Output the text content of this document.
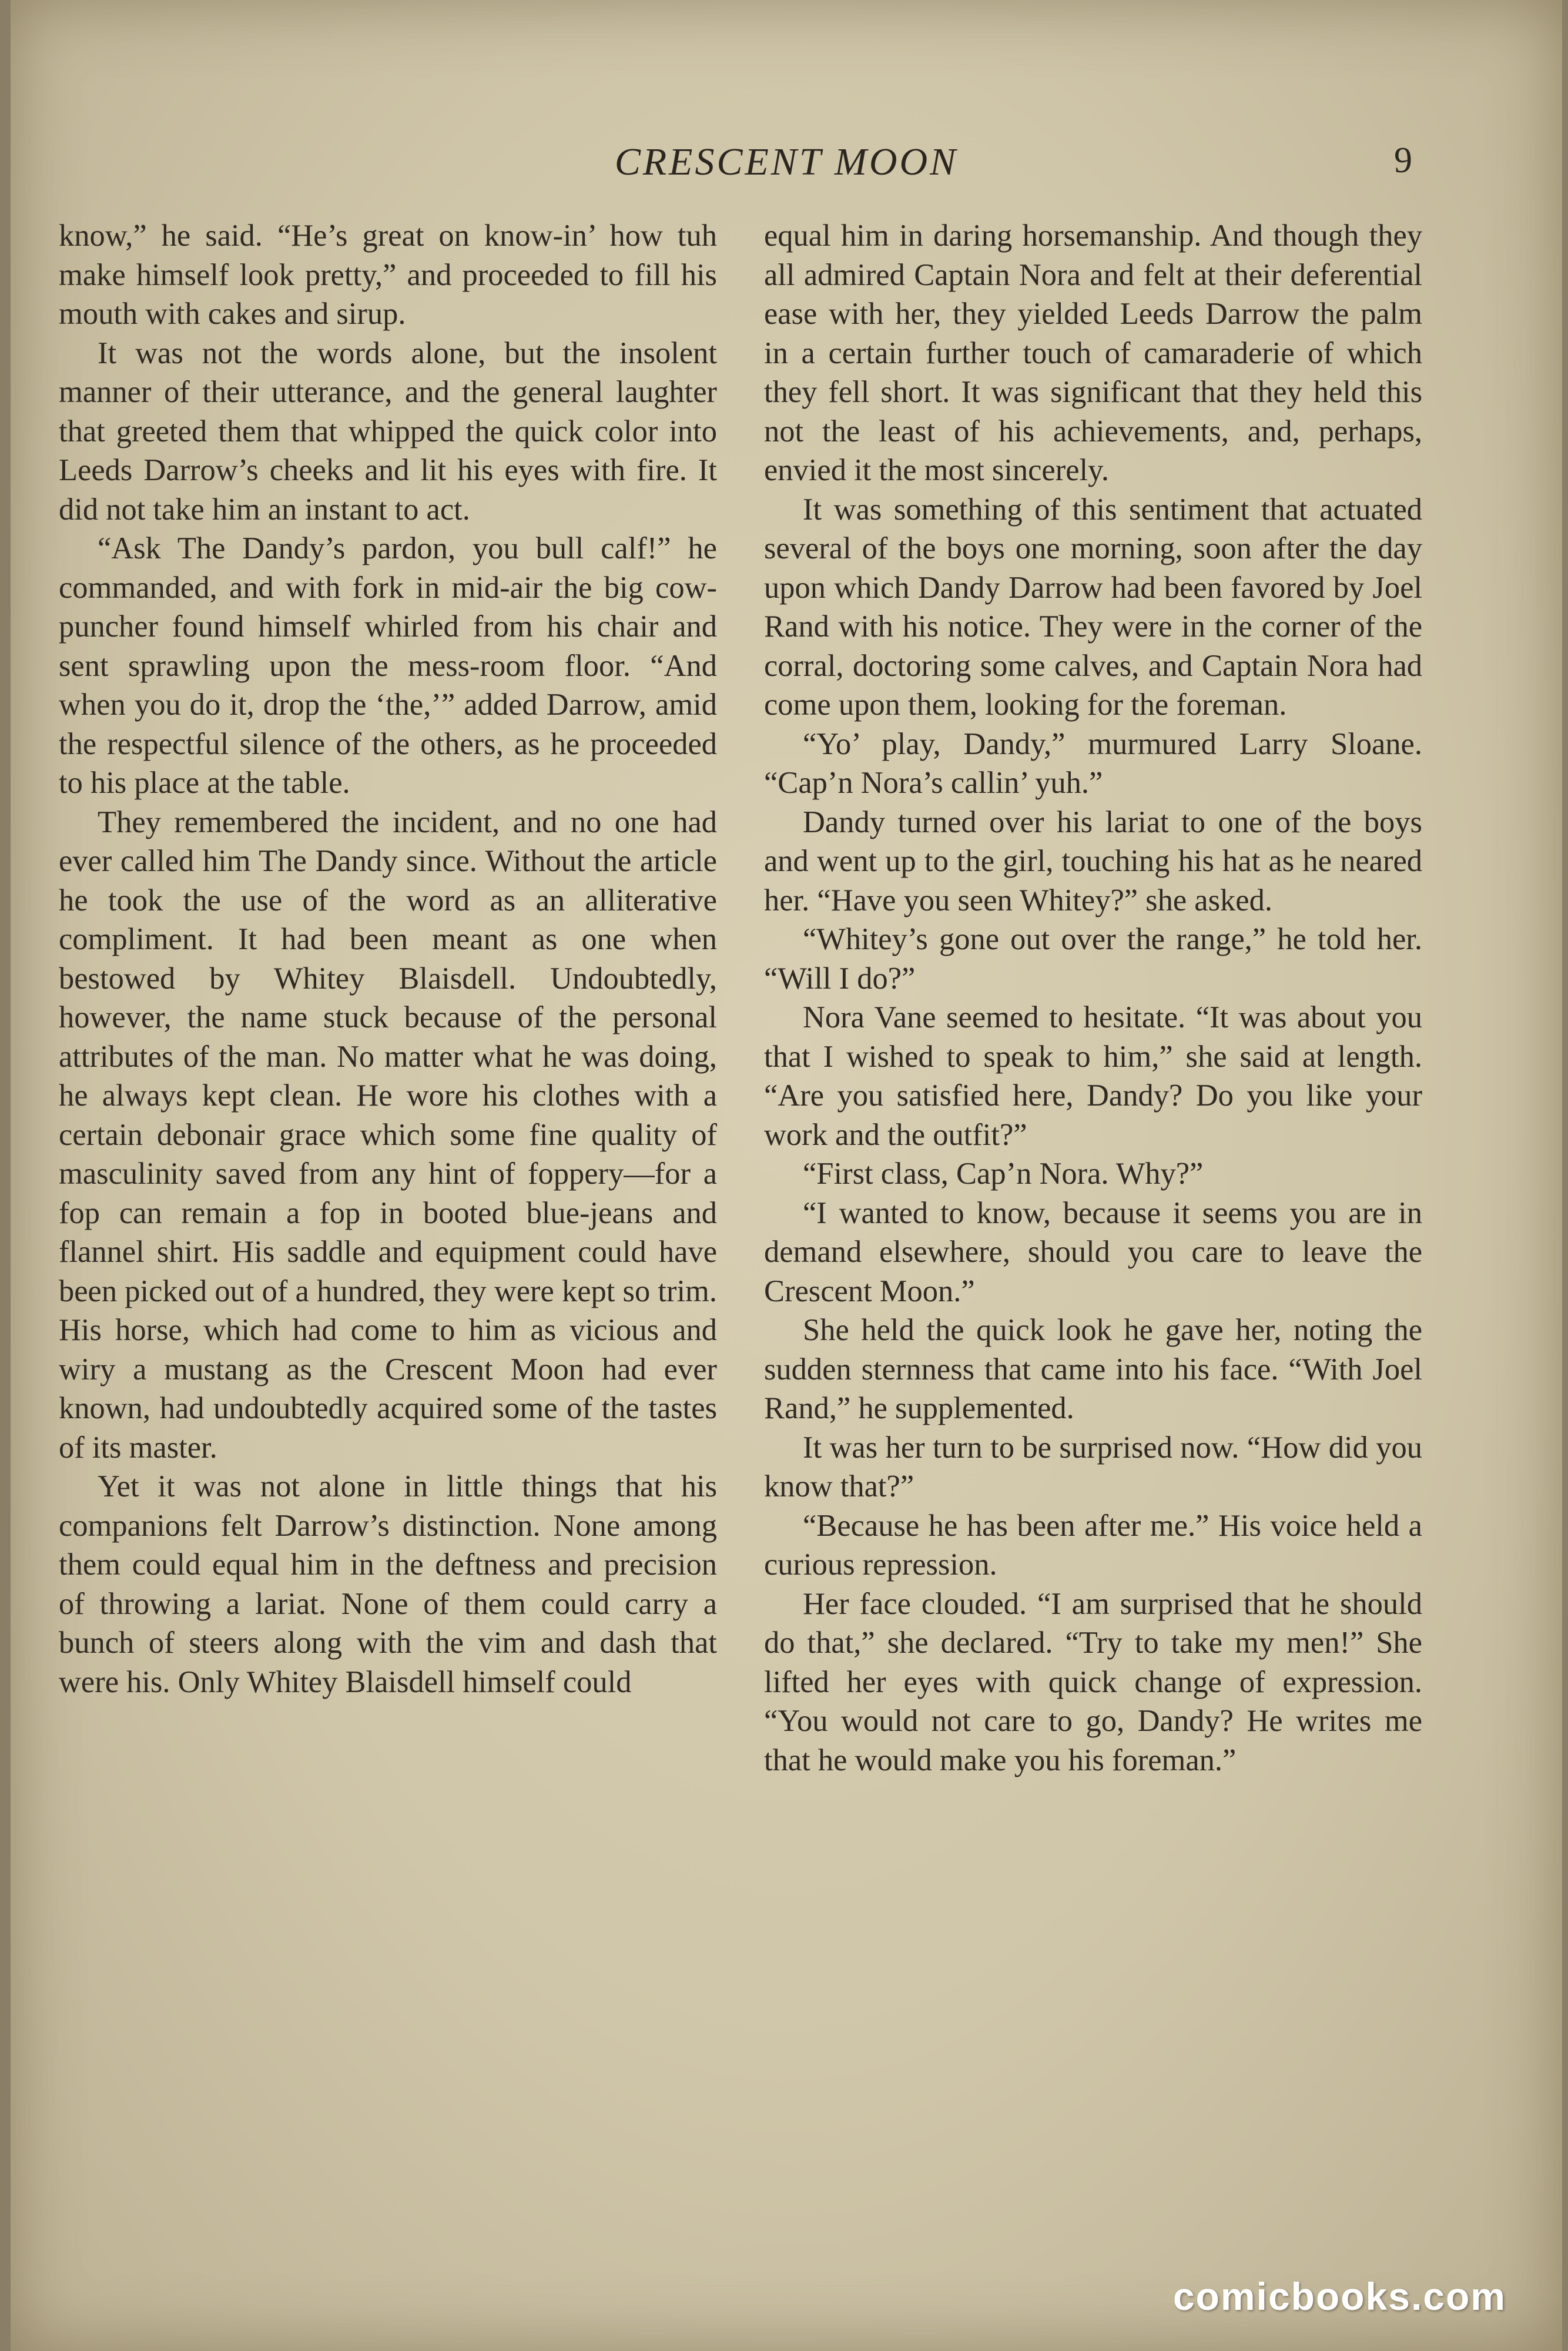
CRESCENT MOON	9

know,” he said. “He’s great on know-in’ how tuh make himself look pretty,” and proceeded to fill his mouth with cakes and sirup.

It was not the words alone, but the insolent manner of their utterance, and the general laughter that greeted them that whipped the quick color into Leeds Darrow’s cheeks and lit his eyes with fire. It did not take him an instant to act.

“Ask The Dandy’s pardon, you bull calf!” he commanded, and with fork in mid-air the big cow-puncher found himself whirled from his chair and sent sprawling upon the mess-room floor. “And when you do it, drop the ‘the,’” added Darrow, amid the respectful silence of the others, as he proceeded to his place at the table.

They remembered the incident, and no one had ever called him The Dandy since. Without the article he took the use of the word as an alliterative compliment. It had been meant as one when bestowed by Whitey Blaisdell. Undoubtedly, however, the name stuck because of the personal attributes of the man. No matter what he was doing, he always kept clean. He wore his clothes with a certain debonair grace which some fine quality of masculinity saved from any hint of foppery—for a fop can remain a fop in booted blue-jeans and flannel shirt. His saddle and equipment could have been picked out of a hundred, they were kept so trim. His horse, which had come to him as vicious and wiry a mustang as the Crescent Moon had ever known, had undoubtedly acquired some of the tastes of its master.

Yet it was not alone in little things that his companions felt Darrow’s distinction. None among them could equal him in the deftness and precision of throwing a lariat. None of them could carry a bunch of steers along with the vim and dash that were his. Only Whitey Blaisdell himself could

equal him in daring horsemanship. And though they all admired Captain Nora and felt at their deferential ease with her, they yielded Leeds Darrow the palm in a certain further touch of camaraderie of which they fell short. It was significant that they held this not the least of his achievements, and, perhaps, envied it the most sincerely.

It was something of this sentiment that actuated several of the boys one morning, soon after the day upon which Dandy Darrow had been favored by Joel Rand with his notice. They were in the corner of the corral, doctoring some calves, and Captain Nora had come upon them, looking for the foreman.

“Yo’ play, Dandy,” murmured Larry Sloane. “Cap’n Nora’s callin’ yuh.”

Dandy turned over his lariat to one of the boys and went up to the girl, touching his hat as he neared her. “Have you seen Whitey?” she asked.

“Whitey’s gone out over the range,” he told her. “Will I do?”

Nora Vane seemed to hesitate. “It was about you that I wished to speak to him,” she said at length. “Are you satisfied here, Dandy? Do you like your work and the outfit?”

“First class, Cap’n Nora. Why?”

“I wanted to know, because it seems you are in demand elsewhere, should you care to leave the Crescent Moon.”

She held the quick look he gave her, noting the sudden sternness that came into his face. “With Joel Rand,” he supplemented.

It was her turn to be surprised now. “How did you know that?”

“Because he has been after me.” His voice held a curious repression.

Her face clouded. “I am surprised that he should do that,” she declared. “Try to take my men!” She lifted her eyes with quick change of expression. “You would not care to go, Dandy? He writes me that he would make you his foreman.”

comicbooks.com
